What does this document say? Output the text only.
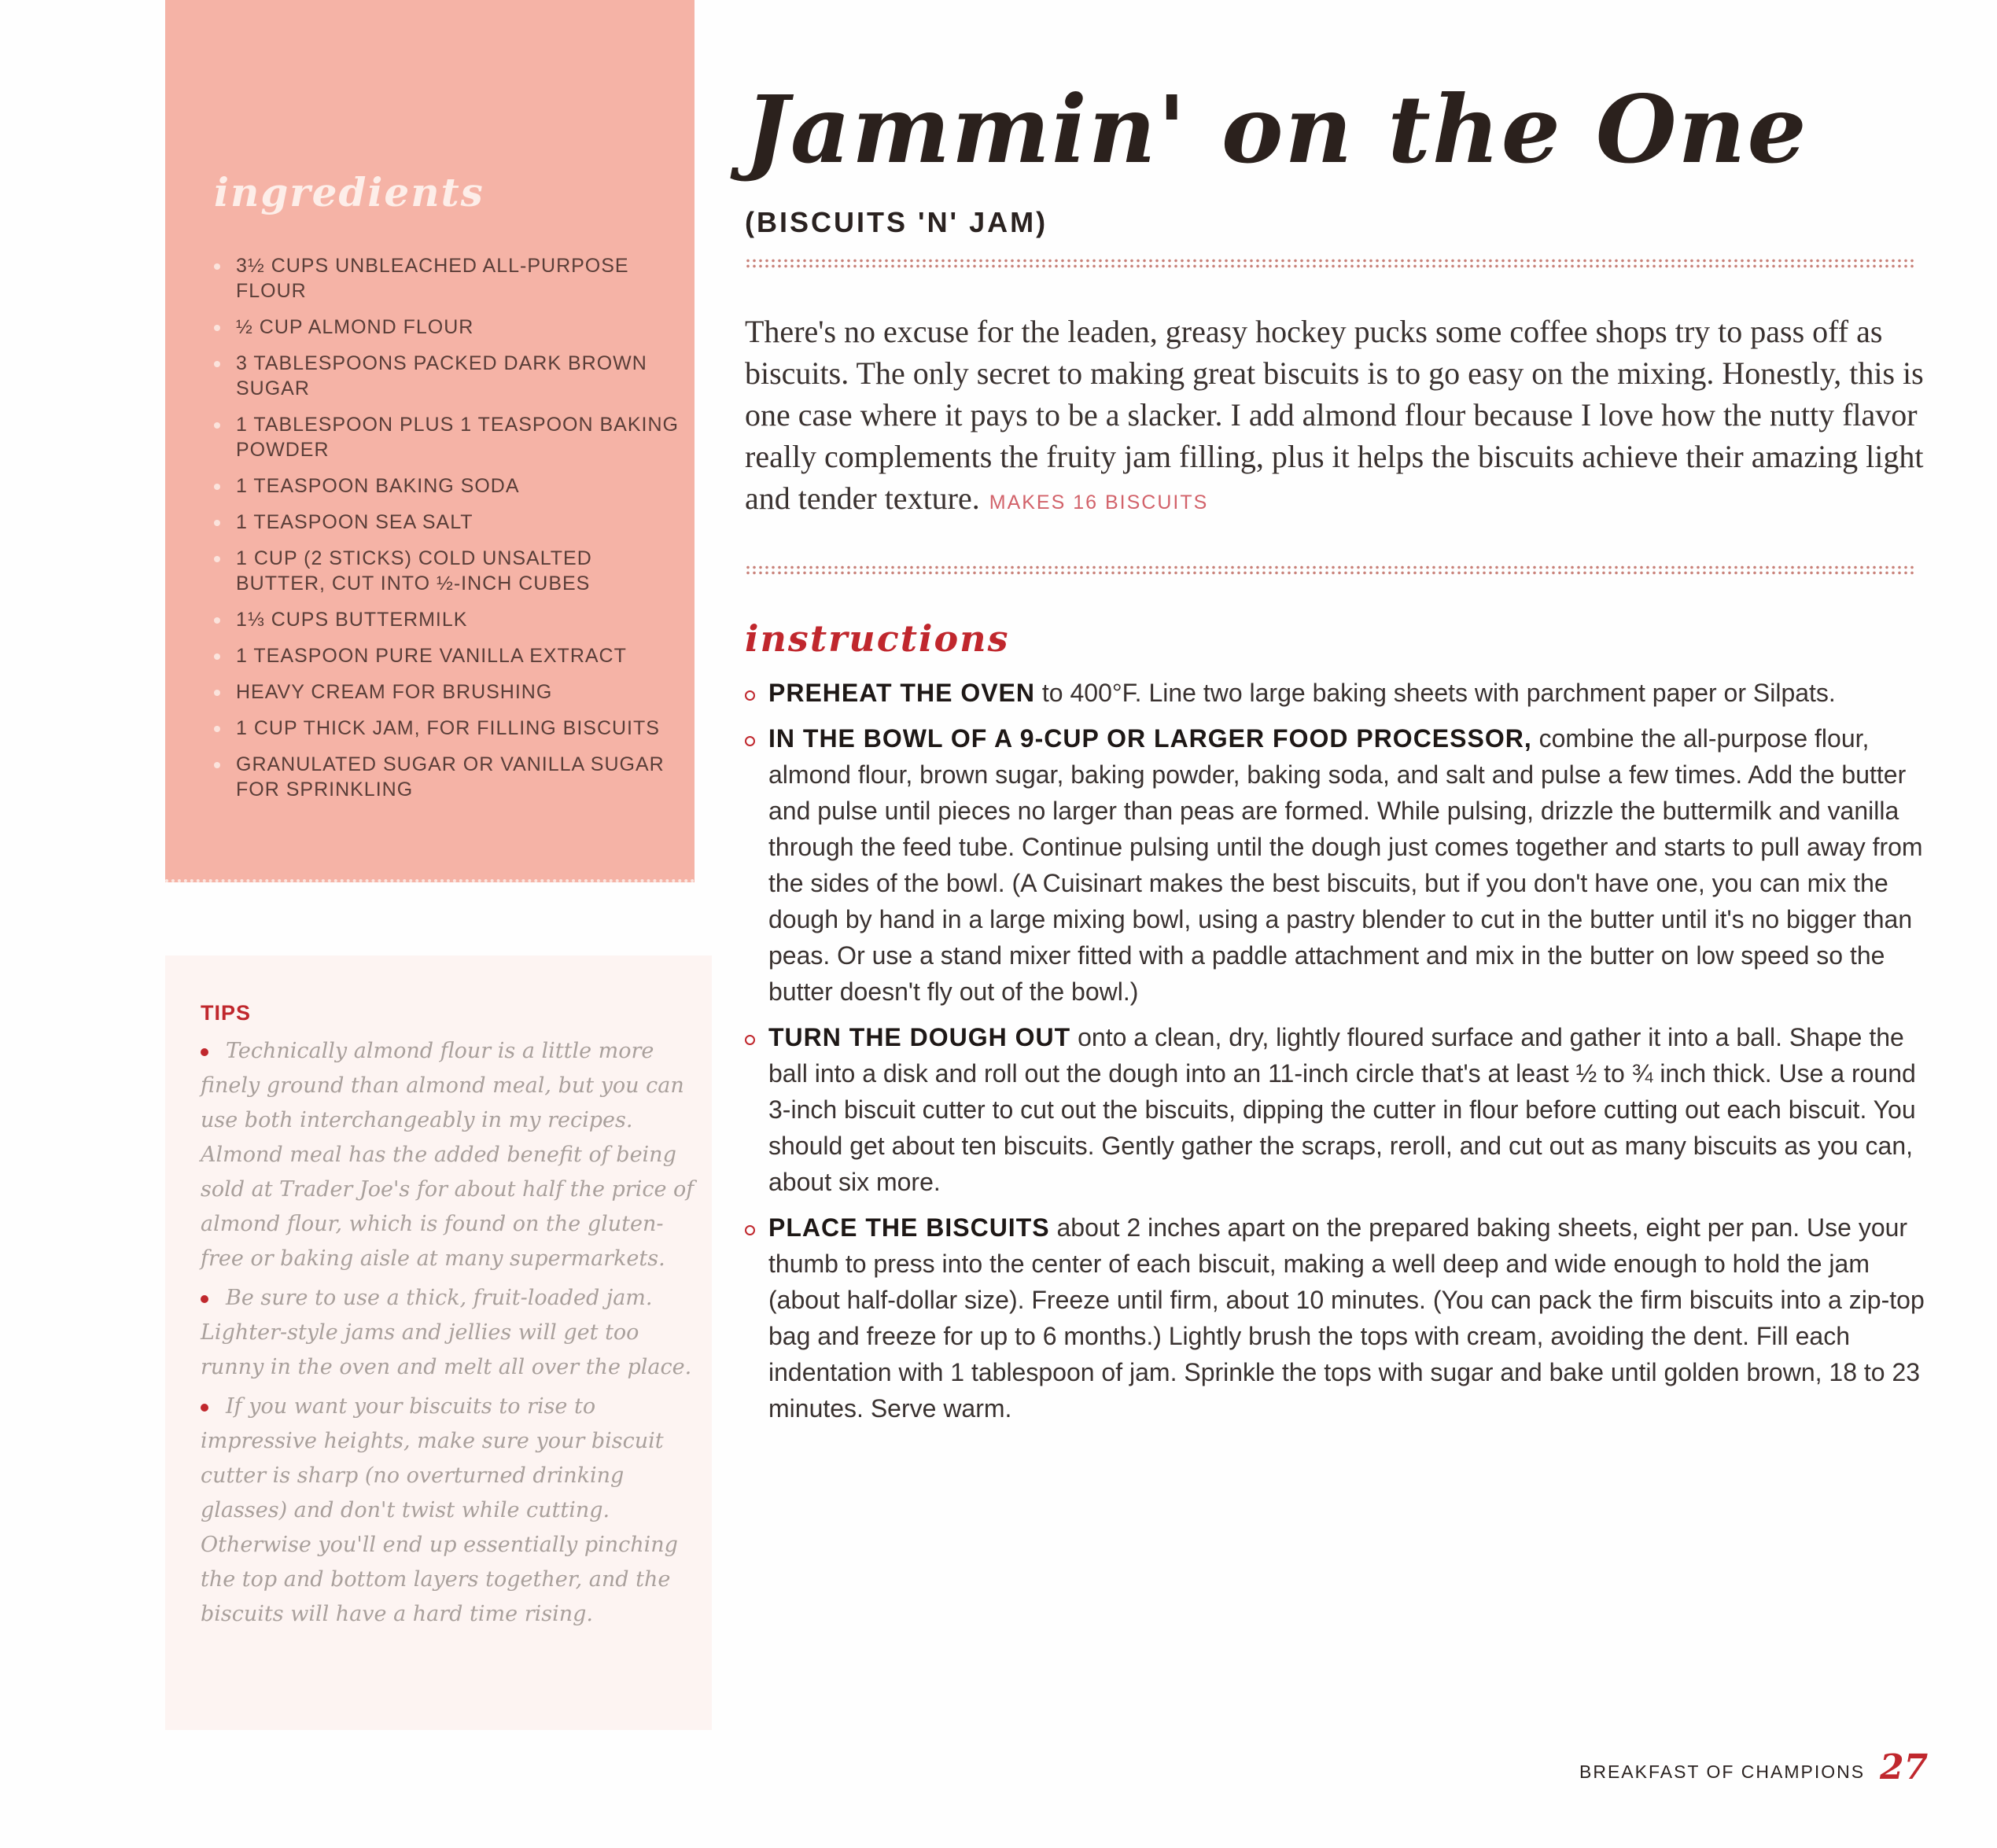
ingredients
3½ CUPS UNBLEACHED ALL-PURPOSE FLOUR
½ CUP ALMOND FLOUR
3 TABLESPOONS PACKED DARK BROWN SUGAR
1 TABLESPOON PLUS 1 TEASPOON BAKING POWDER
1 TEASPOON BAKING SODA
1 TEASPOON SEA SALT
1 CUP (2 STICKS) COLD UNSALTED BUTTER, CUT INTO ½-INCH CUBES
1⅓ CUPS BUTTERMILK
1 TEASPOON PURE VANILLA EXTRACT
HEAVY CREAM FOR BRUSHING
1 CUP THICK JAM, FOR FILLING BISCUITS
GRANULATED SUGAR OR VANILLA SUGAR FOR SPRINKLING
TIPS
Technically almond flour is a little more finely ground than almond meal, but you can use both interchangeably in my recipes. Almond meal has the added benefit of being sold at Trader Joe's for about half the price of almond flour, which is found on the gluten-free or baking aisle at many supermarkets.
Be sure to use a thick, fruit-loaded jam. Lighter-style jams and jellies will get too runny in the oven and melt all over the place.
If you want your biscuits to rise to impressive heights, make sure your biscuit cutter is sharp (no overturned drinking glasses) and don't twist while cutting. Otherwise you'll end up essentially pinching the top and bottom layers together, and the biscuits will have a hard time rising.
Jammin' on the One
(BISCUITS 'N' JAM)
There's no excuse for the leaden, greasy hockey pucks some coffee shops try to pass off as biscuits. The only secret to making great biscuits is to go easy on the mixing. Honestly, this is one case where it pays to be a slacker. I add almond flour because I love how the nutty flavor really complements the fruity jam filling, plus it helps the biscuits achieve their amazing light and tender texture. MAKES 16 BISCUITS
instructions
PREHEAT THE OVEN to 400°F. Line two large baking sheets with parchment paper or Silpats.
IN THE BOWL OF A 9-CUP OR LARGER FOOD PROCESSOR, combine the all-purpose flour, almond flour, brown sugar, baking powder, baking soda, and salt and pulse a few times. Add the butter and pulse until pieces no larger than peas are formed. While pulsing, drizzle the buttermilk and vanilla through the feed tube. Continue pulsing until the dough just comes together and starts to pull away from the sides of the bowl. (A Cuisinart makes the best biscuits, but if you don't have one, you can mix the dough by hand in a large mixing bowl, using a pastry blender to cut in the butter until it's no bigger than peas. Or use a stand mixer fitted with a paddle attachment and mix in the butter on low speed so the butter doesn't fly out of the bowl.)
TURN THE DOUGH OUT onto a clean, dry, lightly floured surface and gather it into a ball. Shape the ball into a disk and roll out the dough into an 11-inch circle that's at least ½ to ¾ inch thick. Use a round 3-inch biscuit cutter to cut out the biscuits, dipping the cutter in flour before cutting out each biscuit. You should get about ten biscuits. Gently gather the scraps, reroll, and cut out as many biscuits as you can, about six more.
PLACE THE BISCUITS about 2 inches apart on the prepared baking sheets, eight per pan. Use your thumb to press into the center of each biscuit, making a well deep and wide enough to hold the jam (about half-dollar size). Freeze until firm, about 10 minutes. (You can pack the firm biscuits into a zip-top bag and freeze for up to 6 months.) Lightly brush the tops with cream, avoiding the dent. Fill each indentation with 1 tablespoon of jam. Sprinkle the tops with sugar and bake until golden brown, 18 to 23 minutes. Serve warm.
BREAKFAST OF CHAMPIONS 27
